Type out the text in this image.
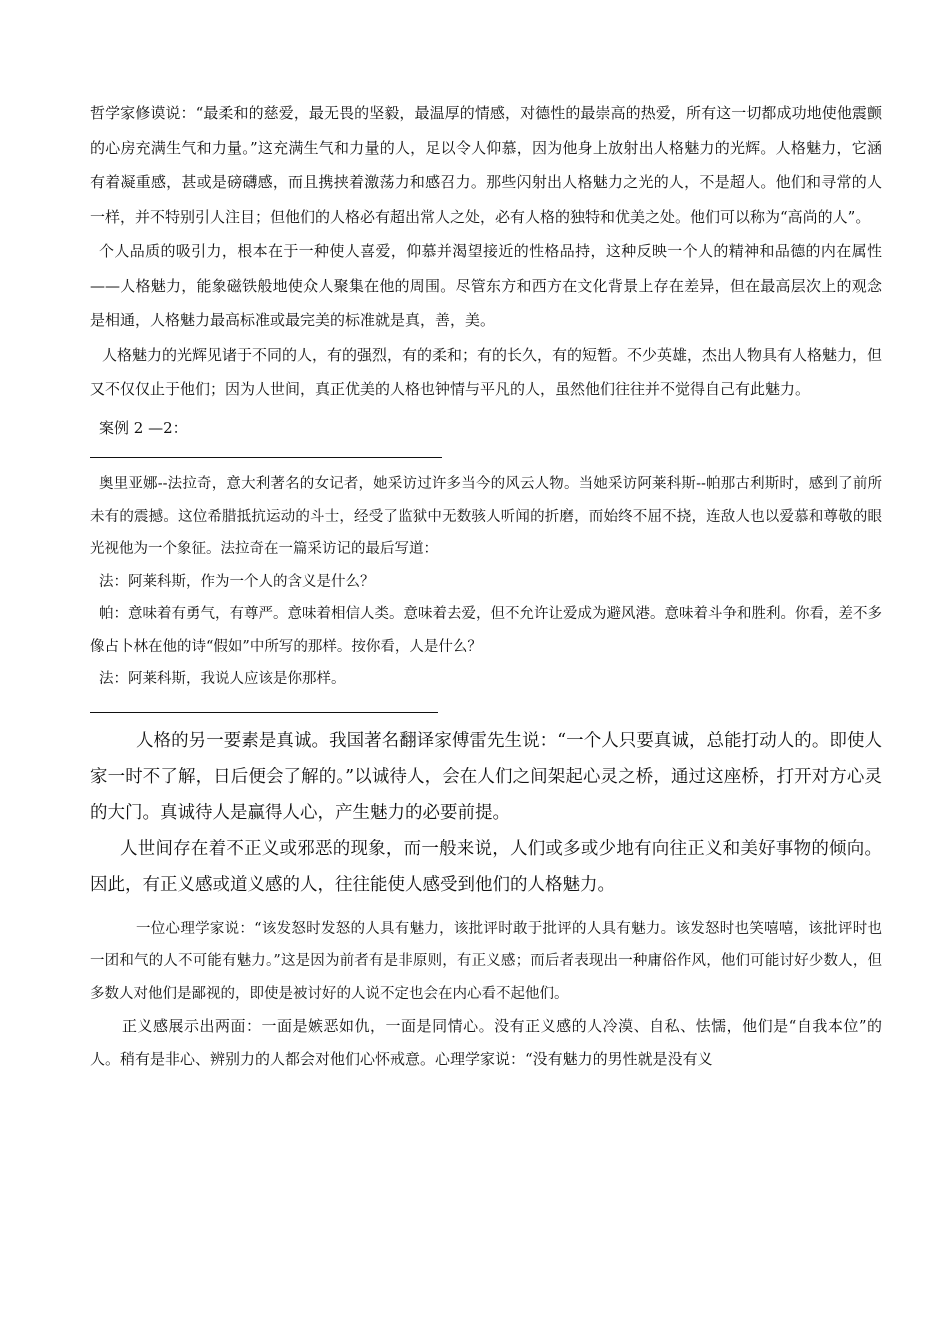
哲学家修谟说：“最柔和的慈爱，最无畏的坚毅，最温厚的情感，对德性的最崇高的热爱，所有这一切都成功地使他震颤的心房充满生气和力量。”这充满生气和力量的人，足以令人仰慕，因为他身上放射出人格魅力的光辉。人格魅力，它涵有着凝重感，甚或是磅礴感，而且携挟着激荡力和感召力。那些闪射出人格魅力之光的人，不是超人。他们和寻常的人一样，并不特别引人注目；但他们的人格必有超出常人之处，必有人格的独特和优美之处。他们可以称为“高尚的人”。

个人品质的吸引力，根本在于一种使人喜爱，仰慕并渴望接近的性格品持，这种反映一个人的精神和品德的内在属性——人格魅力，能象磁铁般地使众人聚集在他的周围。尽管东方和西方在文化背景上存在差异，但在最高层次上的观念是相通，人格魅力最高标准或最完美的标准就是真，善，美。

人格魅力的光辉见诸于不同的人，有的强烈，有的柔和；有的长久，有的短暂。不少英雄，杰出人物具有人格魅力，但又不仅仅止于他们；因为人世间，真正优美的人格也钟情与平凡的人，虽然他们往往并不觉得自己有此魅力。

案例 2 —2：

奥里亚娜--法拉奇，意大利著名的女记者，她采访过许多当今的风云人物。当她采访阿莱科斯--帕那古利斯时，感到了前所未有的震撼。这位希腊抵抗运动的斗士，经受了监狱中无数骇人听闻的折磨，而始终不屈不挠，连敌人也以爱慕和尊敬的眼光视他为一个象征。法拉奇在一篇采访记的最后写道：

法：阿莱科斯，作为一个人的含义是什么？

帕：意味着有勇气，有尊严。意味着相信人类。意味着去爱，但不允许让爱成为避风港。意味着斗争和胜利。你看，差不多像占卜林在他的诗“假如”中所写的那样。按你看，人是什么？

法：阿莱科斯，我说人应该是你那样。

人格的另一要素是真诚。我国著名翻译家傅雷先生说：“一个人只要真诚，总能打动人的。即使人家一时不了解，日后便会了解的。”以诚待人，会在人们之间架起心灵之桥，通过这座桥，打开对方心灵的大门。真诚待人是赢得人心，产生魅力的必要前提。

人世间存在着不正义或邪恶的现象，而一般来说，人们或多或少地有向往正义和美好事物的倾向。因此，有正义感或道义感的人，往往能使人感受到他们的人格魅力。

一位心理学家说：“该发怒时发怒的人具有魅力，该批评时敢于批评的人具有魅力。该发怒时也笑嘻嘻，该批评时也一团和气的人不可能有魅力。”这是因为前者有是非原则，有正义感；而后者表现出一种庸俗作风，他们可能讨好少数人，但多数人对他们是鄙视的，即使是被讨好的人说不定也会在内心看不起他们。

正义感展示出两面：一面是嫉恶如仇，一面是同情心。没有正义感的人冷漠、自私、怯懦，他们是“自我本位”的人。稍有是非心、辨别力的人都会对他们心怀戒意。心理学家说：“没有魅力的男性就是没有义
